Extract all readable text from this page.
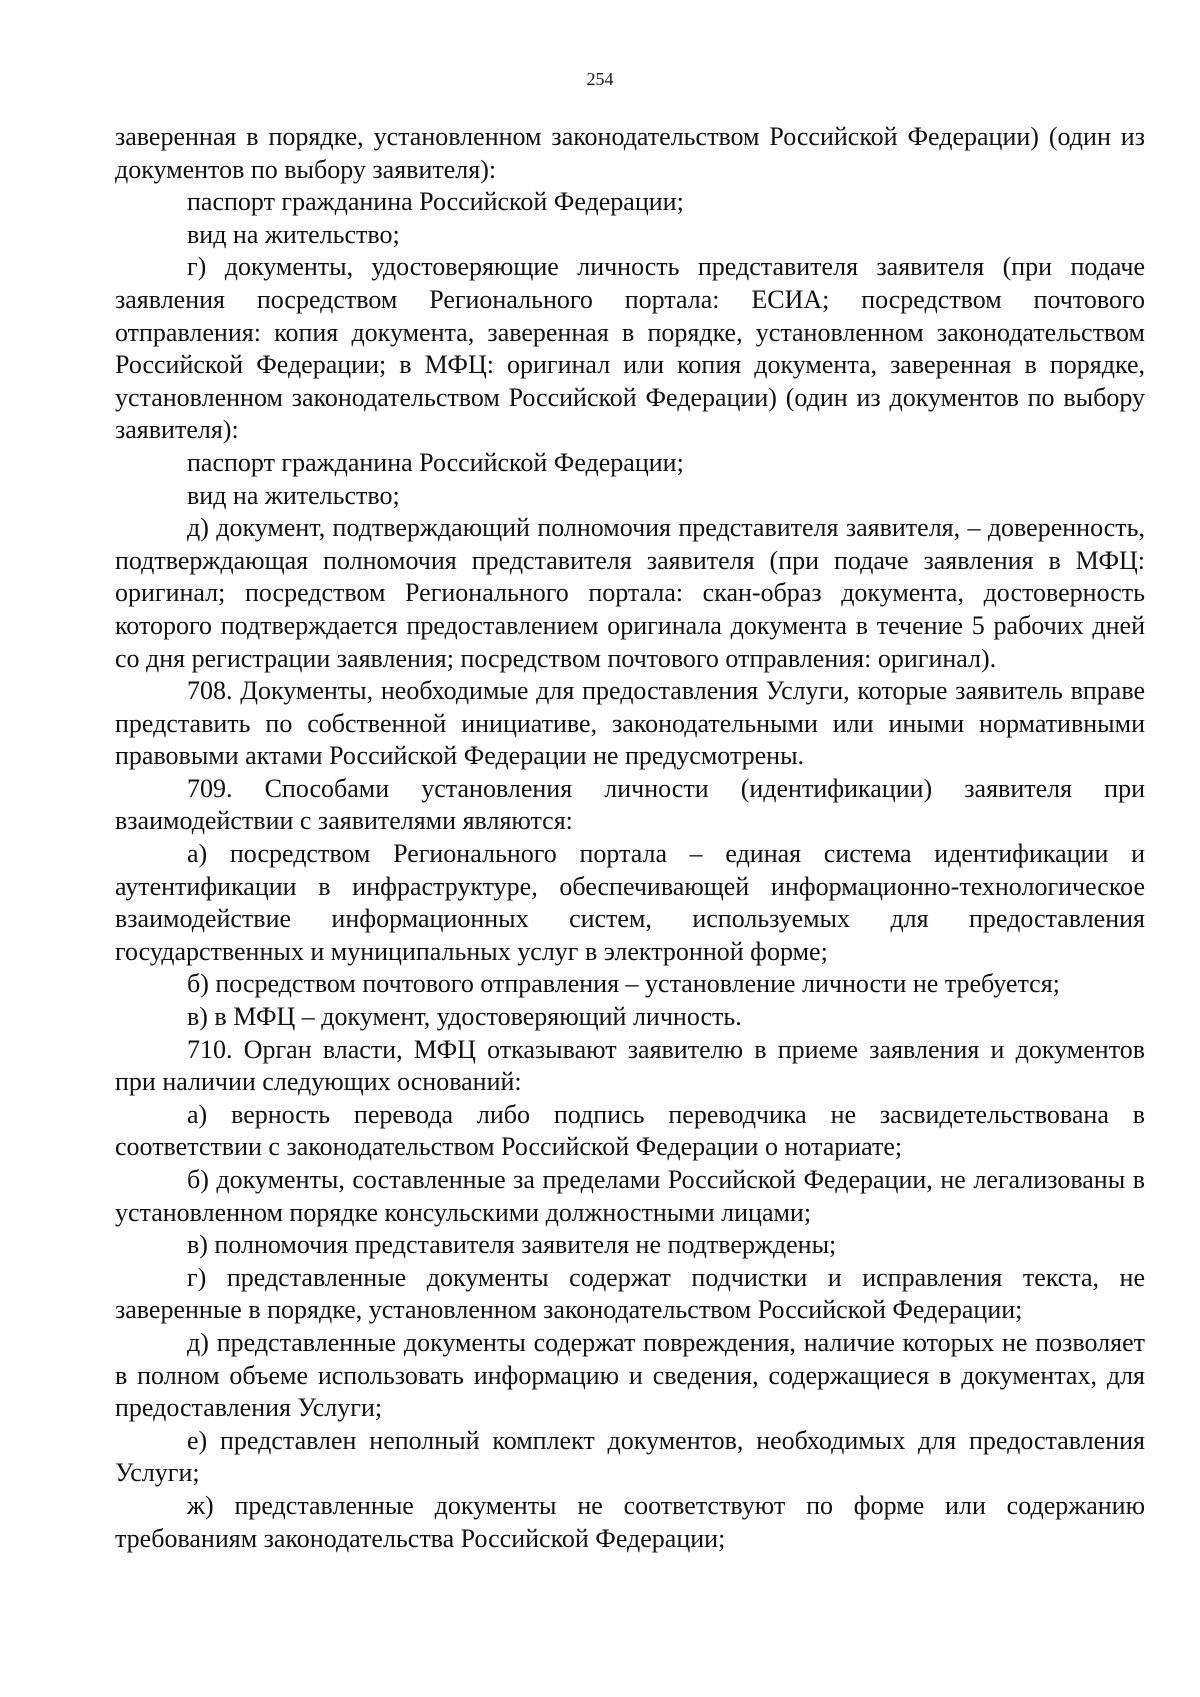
254

заверенная в порядке, установленном законодательством Российской Федерации) (один из документов по выбору заявителя):

паспорт гражданина Российской Федерации;

вид на жительство;

г) документы, удостоверяющие личность представителя заявителя (при подаче заявления посредством Регионального портала: ЕСИА; посредством почтового отправления: копия документа, заверенная в порядке, установленном законодательством Российской Федерации; в МФЦ: оригинал или копия документа, заверенная в порядке, установленном законодательством Российской Федерации) (один из документов по выбору заявителя):

паспорт гражданина Российской Федерации;

вид на жительство;

д) документ, подтверждающий полномочия представителя заявителя, – доверенность, подтверждающая полномочия представителя заявителя (при подаче заявления в МФЦ: оригинал; посредством Регионального портала: скан-образ документа, достоверность которого подтверждается предоставлением оригинала документа в течение 5 рабочих дней со дня регистрации заявления; посредством почтового отправления: оригинал).

708. Документы, необходимые для предоставления Услуги, которые заявитель вправе представить по собственной инициативе, законодательными или иными нормативными правовыми актами Российской Федерации не предусмотрены.

709. Способами установления личности (идентификации) заявителя при взаимодействии с заявителями являются:

а) посредством Регионального портала – единая система идентификации и аутентификации в инфраструктуре, обеспечивающей информационно-технологическое взаимодействие информационных систем, используемых для предоставления государственных и муниципальных услуг в электронной форме;

б) посредством почтового отправления – установление личности не требуется;

в) в МФЦ – документ, удостоверяющий личность.

710. Орган власти, МФЦ отказывают заявителю в приеме заявления и документов при наличии следующих оснований:

а) верность перевода либо подпись переводчика не засвидетельствована в соответствии с законодательством Российской Федерации о нотариате;

б) документы, составленные за пределами Российской Федерации, не легализованы в установленном порядке консульскими должностными лицами;

в) полномочия представителя заявителя не подтверждены;

г) представленные документы содержат подчистки и исправления текста, не заверенные в порядке, установленном законодательством Российской Федерации;

д) представленные документы содержат повреждения, наличие которых не позволяет в полном объеме использовать информацию и сведения, содержащиеся в документах, для предоставления Услуги;

е) представлен неполный комплект документов, необходимых для предоставления Услуги;

ж) представленные документы не соответствуют по форме или содержанию требованиям законодательства Российской Федерации;
